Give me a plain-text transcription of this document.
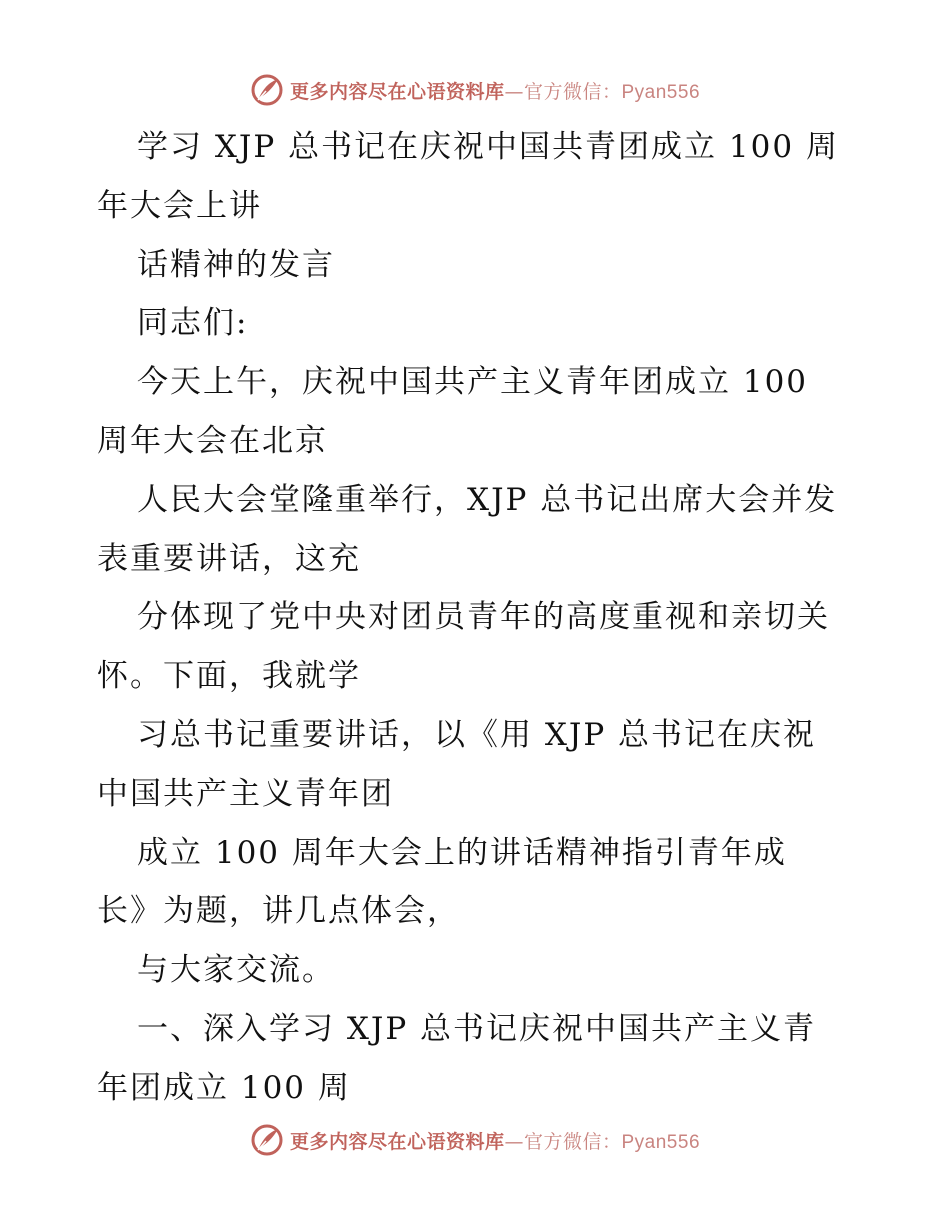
更多内容尽在心语资料库—官方微信：Pyan556
学习 XJP 总书记在庆祝中国共青团成立 100 周
年大会上讲
话精神的发言
同志们:
今天上午，庆祝中国共产主义青年团成立 100
周年大会在北京
人民大会堂隆重举行，XJP 总书记出席大会并发
表重要讲话，这充
分体现了党中央对团员青年的高度重视和亲切关
怀。下面，我就学
习总书记重要讲话，以《用 XJP 总书记在庆祝
中国共产主义青年团
成立 100 周年大会上的讲话精神指引青年成
长》为题，讲几点体会，
与大家交流。
一、深入学习 XJP 总书记庆祝中国共产主义青
年团成立 100 周
更多内容尽在心语资料库—官方微信：Pyan556
